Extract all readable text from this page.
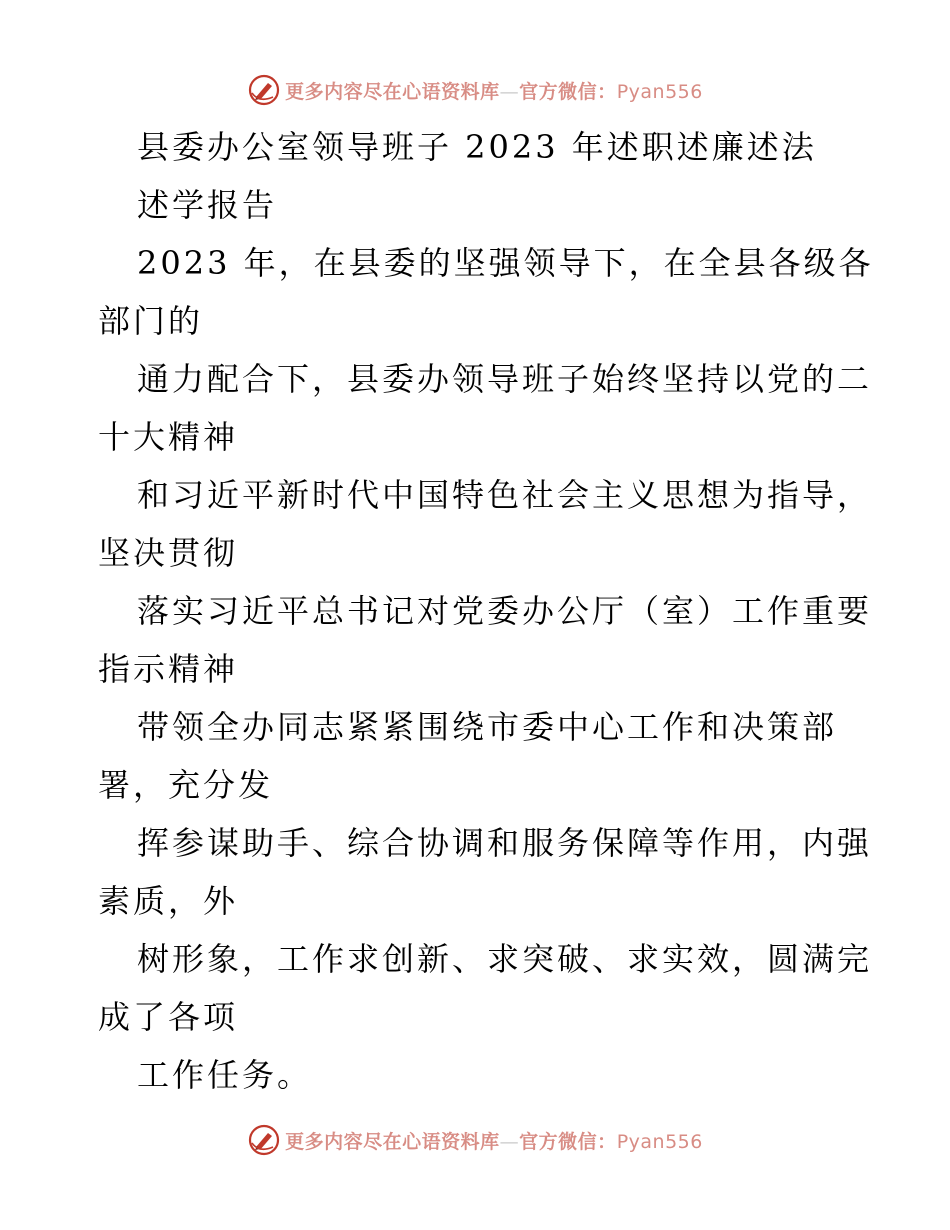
更多内容尽在心语资料库—官方微信：Pyan556
县委办公室领导班子 2023 年述职述廉述法
述学报告
2023 年，在县委的坚强领导下，在全县各级各
部门的
通力配合下，县委办领导班子始终坚持以党的二
十大精神
和习近平新时代中国特色社会主义思想为指导，
坚决贯彻
落实习近平总书记对党委办公厅（室）工作重要
指示精神
带领全办同志紧紧围绕市委中心工作和决策部
署，充分发
挥参谋助手、综合协调和服务保障等作用，内强
素质，外
树形象，工作求创新、求突破、求实效，圆满完
成了各项
工作任务。
更多内容尽在心语资料库—官方微信：Pyan556
